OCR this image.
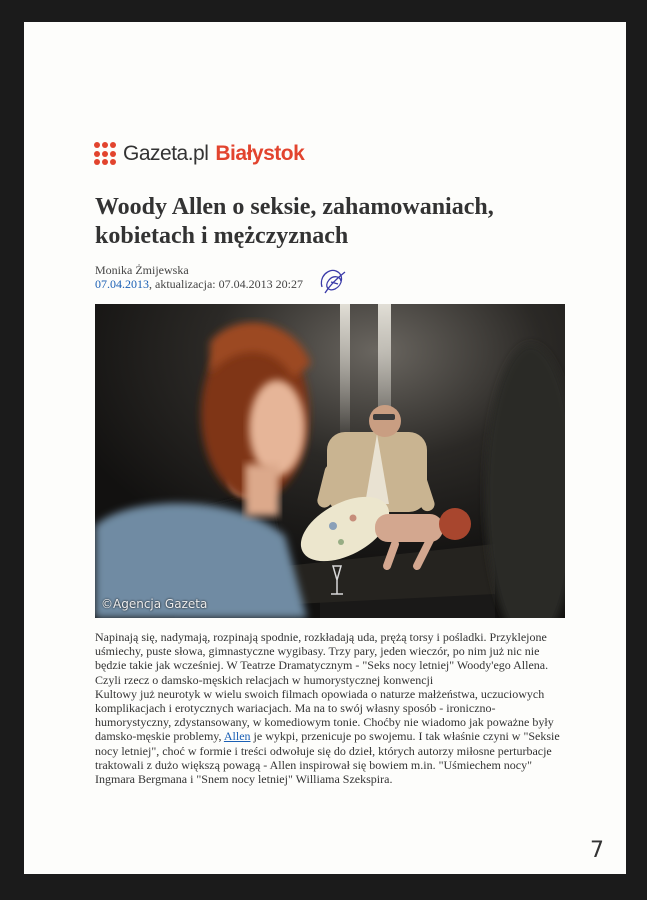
Gazeta.pl Białystok
Woody Allen o seksie, zahamowaniach, kobietach i mężczyznach
Monika Żmijewska
07.04.2013, aktualizacja: 07.04.2013 20:27
©Agencja Gazeta

Napinają się, nadymają, rozpinają spodnie, rozkładają uda, prężą torsy i pośladki. Przyklejone uśmiechy, puste słowa, gimnastyczne wygibasy. Trzy pary, jeden wieczór, po nim już nic nie będzie takie jak wcześniej. W Teatrze Dramatycznym - "Seks nocy letniej" Woody'ego Allena. Czyli rzecz o damsko-męskich relacjach w humorystycznej konwencji

Kultowy już neurotyk w wielu swoich filmach opowiada o naturze małżeństwa, uczuciowych komplikacjach i erotycznych wariacjach. Ma na to swój własny sposób - ironiczno-humorystyczny, zdystansowany, w komediowym tonie. Choćby nie wiadomo jak poważne były damsko-męskie problemy, Allen je wykpi, przenicuje po swojemu. I tak właśnie czyni w "Seksie nocy letniej", choć w formie i treści odwołuje się do dzieł, których autorzy miłosne perturbacje traktowali z dużo większą powagą - Allen inspirował się bowiem m.in. "Uśmiechem nocy" Ingmara Bergmana i "Snem nocy letniej" Williama Szekspira.

7
